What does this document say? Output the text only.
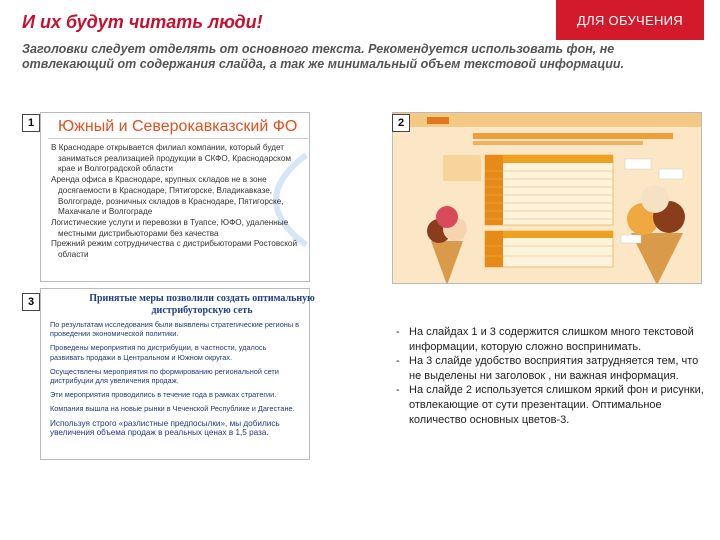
И их будут читать люди!	ДЛЯ ОБУЧЕНИЯ
Заголовки следует отделять от основного текста. Рекомендуется использовать фон, не отвлекающий от содержания слайда, а так же минимальный объем текстовой информации.
1	Южный и Северокавказский ФО
В Краснодаре открывается филиал компании, который будет заниматься реализацией продукции в СКФО, Краснодарском крае и Волгоградской области
Аренда офиса в Краснодаре, крупных складов не в зоне досягаемости в Краснодаре, Пятигорске, Владикавказе, Волгограде, розничных складов в Краснодаре, Пятигорске, Махачкале и Волгограде
Логистические услуги и перевозки в Туапсе, ЮФО, удаленные местными дистрибьюторами без качества
Прежний режим сотрудничества с дистрибьюторами Ростовской области
2
3	Принятые меры позволили создать оптимальную дистрибуторскую сеть

По результатам исследования были выявлены стратегические регионы в проведении экономической политики.

Проведены мероприятия по дистрибуции, в частности, удалось развивать продажи в Центральном и Южном округах.

Осуществлены мероприятия по формированию региональной сети дистрибуции для увеличения продаж.

Эти мероприятия проводились в течение года в рамках стратегии.

Компания вышла на новые рынки в Чеченской Республике и Дагестане.

Используя строго «разлистные предпосылки», мы добились увеличения объема продаж в реальных ценах в 1,5 раза.

- На слайдах 1 и 3 содержится слишком много текстовой информации, которую сложно воспринимать.
- На 3 слайде удобство восприятия затрудняется тем, что не выделены ни заголовок , ни важная информация.
- На слайде 2 используется слишком яркий фон и рисунки, отвлекающие от сути презентации. Оптимальное количество основных цветов-3.
